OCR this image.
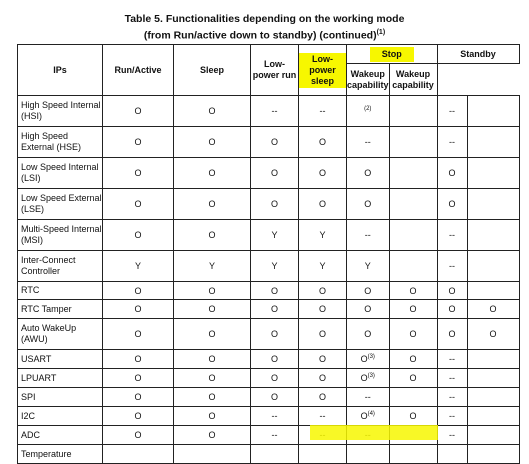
Table 5. Functionalities depending on the working mode
(from Run/active down to standby) (continued)$^{(1)}$
IPs	Run/Active	Sleep	Low-power run	Low-power sleep	Stop		Standby	
					Wakeup capability	Wakeup capability		
High Speed Internal (HSI)	O	O	--	--	$^{(2)}$		--	
High Speed External (HSE)	O	O	O	O	--		--	
Low Speed Internal (LSI)	O	O	O	O	O		O	
Low Speed External (LSE)	O	O	O	O	O		O	
Multi-Speed Internal (MSI)	O	O	Y	Y	--		--	
Inter-Connect Controller	Y	Y	Y	Y	Y		--	
RTC	O	O	O	O	O	O	O	
RTC Tamper	O	O	O	O	O	O	O	O
Auto WakeUp (AWU)	O	O	O	O	O	O	O	O
USART	O	O	O	O	$O^{(3)}$	O	--	
LPUART	O	O	O	O	$O^{(3)}$	O	--	
SPI	O	O	O	O	--		--	
I2C	O	O	--	--	$O^{(4)}$	O	--	
ADC	O	O	--				--	
Temperature								
